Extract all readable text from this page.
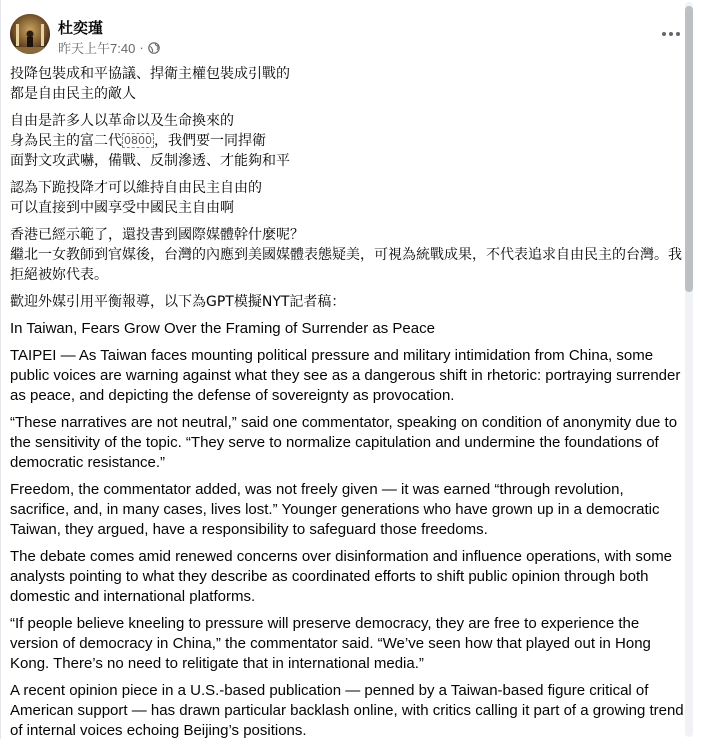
杜奕瑾
昨天上午7:40 ·

投降包裝成和平協議、捍衛主權包裝成引戰的
都是自由民主的敵人

自由是許多人以革命以及生命換來的
身為民主的富二代 0800 ，我們要一同捍衛
面對文攻武嚇，備戰、反制滲透、才能夠和平

認為下跪投降才可以維持自由民主自由的
可以直接到中國享受中國民主自由啊

香港已經示範了，還投書到國際媒體幹什麼呢？
繼北一女教師到官媒後，台灣的內應到美國媒體表態疑美，可視為統戰成果，不代表追求自由民主的台灣。我拒絕被妳代表。

歡迎外媒引用平衡報導，以下為GPT模擬NYT記者稿：

In Taiwan, Fears Grow Over the Framing of Surrender as Peace

TAIPEI — As Taiwan faces mounting political pressure and military intimidation from China, some public voices are warning against what they see as a dangerous shift in rhetoric: portraying surrender as peace, and depicting the defense of sovereignty as provocation.

“These narratives are not neutral,” said one commentator, speaking on condition of anonymity due to the sensitivity of the topic. “They serve to normalize capitulation and undermine the foundations of democratic resistance.”

Freedom, the commentator added, was not freely given — it was earned “through revolution, sacrifice, and, in many cases, lives lost.” Younger generations who have grown up in a democratic Taiwan, they argued, have a responsibility to safeguard those freedoms.

The debate comes amid renewed concerns over disinformation and influence operations, with some analysts pointing to what they describe as coordinated efforts to shift public opinion through both domestic and international platforms.

“If people believe kneeling to pressure will preserve democracy, they are free to experience the version of democracy in China,” the commentator said. “We’ve seen how that played out in Hong Kong. There’s no need to relitigate that in international media.”

A recent opinion piece in a U.S.-based publication — penned by a Taiwan-based figure critical of American support — has drawn particular backlash online, with critics calling it part of a growing trend of internal voices echoing Beijing’s positions.
